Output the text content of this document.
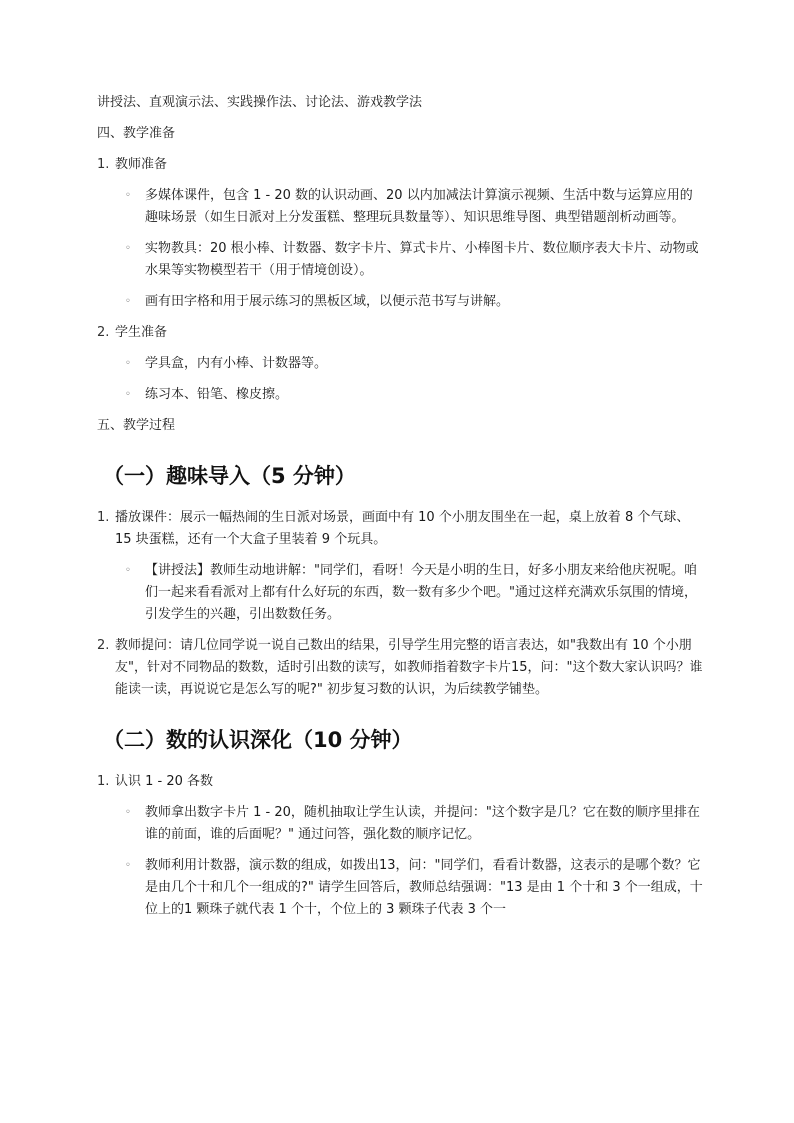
讲授法、直观演示法、实践操作法、讨论法、游戏教学法

四、教学准备

1. 教师准备
◦	多媒体课件，包含 1 - 20 数的认识动画、20 以内加减法计算演示视频、生活中数与运算应用的趣味场景（如生日派对上分发蛋糕、整理玩具数量等）、知识思维导图、典型错题剖析动画等。
◦	实物教具：20 根小棒、计数器、数字卡片、算式卡片、小棒图卡片、数位顺序表大卡片、动物或水果等实物模型若干（用于情境创设）。
◦	画有田字格和用于展示练习的黑板区域，以便示范书写与讲解。
2. 学生准备
◦	学具盒，内有小棒、计数器等。
◦	练习本、铅笔、橡皮擦。

五、教学过程

（一）趣味导入（5 分钟）
1. 播放课件：展示一幅热闹的生日派对场景，画面中有 10 个小朋友围坐在一起，桌上放着 8 个气球、15 块蛋糕，还有一个大盒子里装着 9 个玩具。
◦	【讲授法】教师生动地讲解："同学们，看呀！今天是小明的生日，好多小朋友来给他庆祝呢。咱们一起来看看派对上都有什么好玩的东西，数一数有多少个吧。"通过这样充满欢乐氛围的情境，引发学生的兴趣，引出数数任务。
2. 教师提问：请几位同学说一说自己数出的结果，引导学生用完整的语言表达，如"我数出有 10 个小朋友"，针对不同物品的数数，适时引出数的读写，如教师指着数字卡片15，问："这个数大家认识吗？谁能读一读，再说说它是怎么写的呢?" 初步复习数的认识，为后续教学铺垫。
（二）数的认识深化（10 分钟）
1. 认识 1 - 20 各数
◦	教师拿出数字卡片 1 - 20，随机抽取让学生认读，并提问："这个数字是几？它在数的顺序里排在谁的前面，谁的后面呢？" 通过问答，强化数的顺序记忆。
◦	教师利用计数器，演示数的组成，如拨出13，问："同学们，看看计数器，这表示的是哪个数？它是由几个十和几个一组成的?" 请学生回答后，教师总结强调："13 是由 1 个十和 3 个一组成，十位上的1 颗珠子就代表 1 个十，个位上的 3 颗珠子代表 3 个一
